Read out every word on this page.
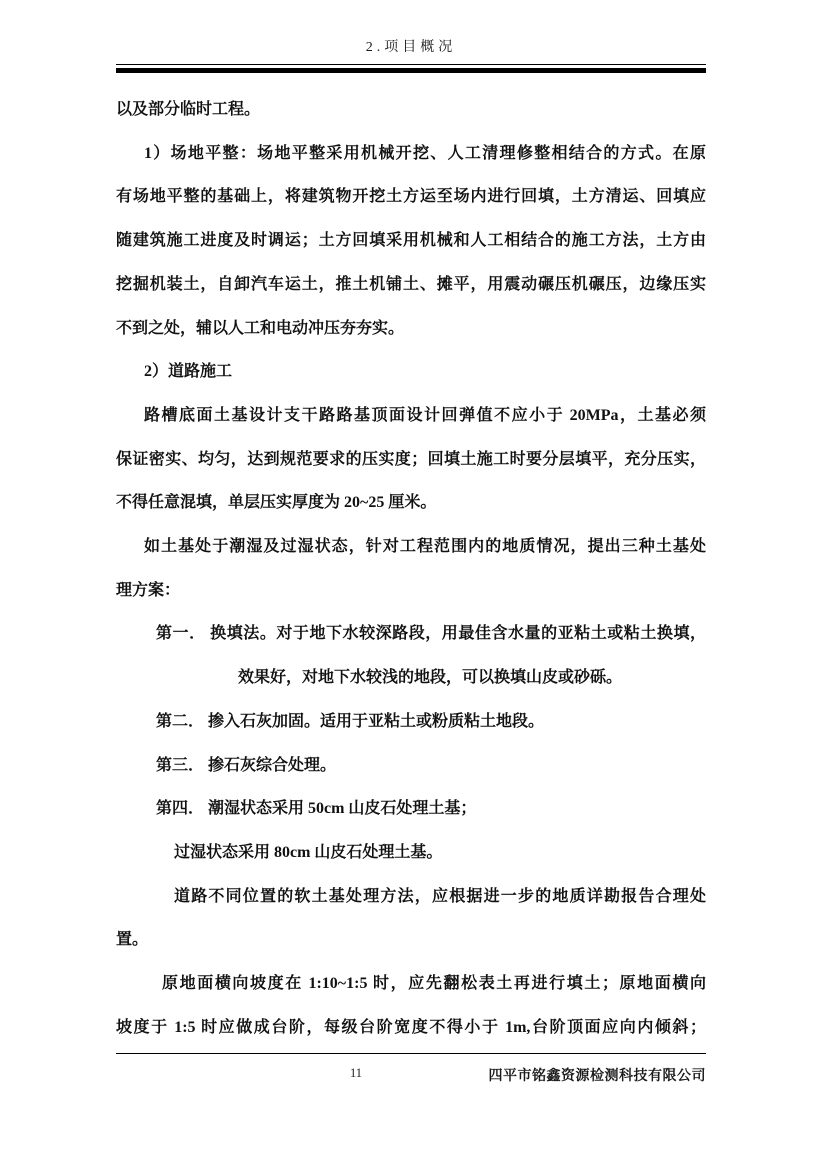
2.项目概况
以及部分临时工程。
1）场地平整：场地平整采用机械开挖、人工清理修整相结合的方式。在原
有场地平整的基础上，将建筑物开挖土方运至场内进行回填，土方清运、回填应
随建筑施工进度及时调运；土方回填采用机械和人工相结合的施工方法，土方由
挖掘机装土，自卸汽车运土，推土机铺土、摊平，用震动碾压机碾压，边缘压实
不到之处，辅以人工和电动冲压夯夯实。
2）道路施工
路槽底面土基设计支干路路基顶面设计回弹值不应小于 20MPa，土基必须
保证密实、均匀，达到规范要求的压实度；回填土施工时要分层填平，充分压实，
不得任意混填，单层压实厚度为 20~25 厘米。
如土基处于潮湿及过湿状态，针对工程范围内的地质情况，提出三种土基处
理方案：
第一． 换填法。对于地下水较深路段，用最佳含水量的亚粘土或粘土换填，
效果好，对地下水较浅的地段，可以换填山皮或砂砾。
第二． 掺入石灰加固。适用于亚粘土或粉质粘土地段。
第三． 掺石灰综合处理。
第四． 潮湿状态采用 50cm 山皮石处理土基；
过湿状态采用 80cm 山皮石处理土基。
道路不同位置的软土基处理方法，应根据进一步的地质详勘报告合理处
置。
原地面横向坡度在 1:10~1:5 时，应先翻松表土再进行填土；原地面横向
坡度于 1:5 时应做成台阶，每级台阶宽度不得小于 1m,台阶顶面应向内倾斜；
11	四平市铭鑫资源检测科技有限公司
